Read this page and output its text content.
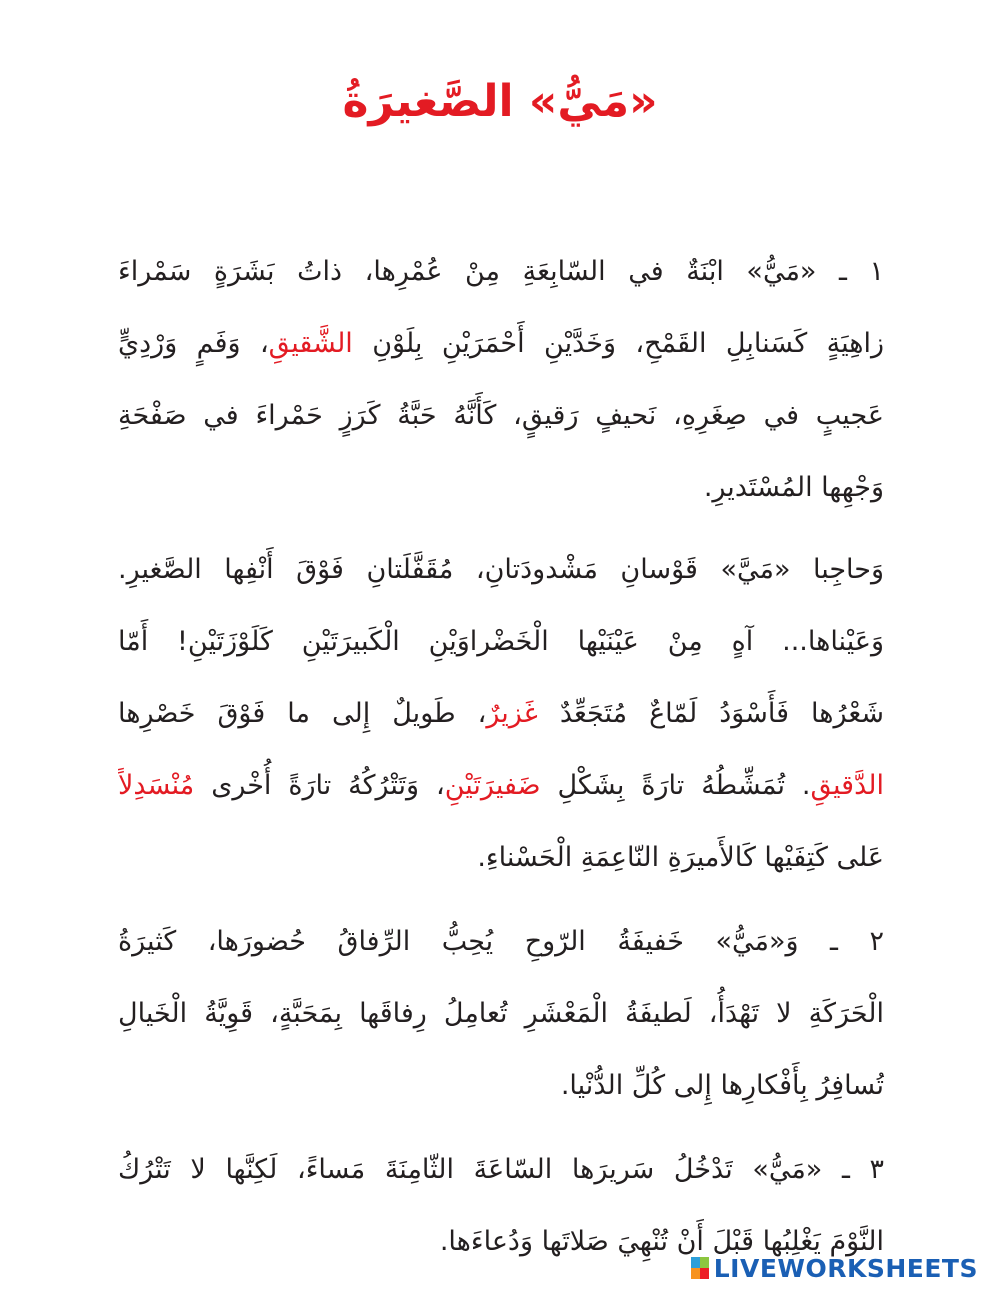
«مَيُّ» الصَّغيرَةُ
١ ـ «مَيُّ» ابْنَةٌ في السّابِعَةِ مِنْ عُمْرِها، ذاتُ بَشَرَةٍ سَمْراءَ
زاهِيَةٍ كَسَنابِلِ القَمْحِ، وَخَدَّيْنِ أَحْمَرَيْنِ بِلَوْنِ الشَّقيقِ، وَفَمٍ وَرْدِيٍّ
عَجيبٍ في صِغَرِهِ، نَحيفٍ رَقيقٍ، كَأَنَّهُ حَبَّةُ كَرَزٍ حَمْراءَ في صَفْحَةِ
وَجْهِها المُسْتَديرِ.
وَحاجِبا «مَيَّ» قَوْسانِ مَشْدودَتانِ، مُقَفَّلَتانِ فَوْقَ أَنْفِها الصَّغيرِ.
وَعَيْناها... آهٍ مِنْ عَيْنَيْها الْخَضْراوَيْنِ الْكَبيرَتَيْنِ كَلَوْزَتَيْنِ! أَمّا
شَعْرُها فَأَسْوَدُ لَمّاعٌ مُتَجَعِّدٌ غَزيرٌ، طَويلٌ إِلى ما فَوْقَ خَصْرِها
الدَّقيقِ. تُمَشِّطُهُ تارَةً بِشَكْلِ ضَفيرَتَيْنِ، وَتَتْرُكُهُ تارَةً أُخْرى مُنْسَدِلاً
عَلى كَتِفَيْها كَالأَميرَةِ النّاعِمَةِ الْحَسْناءِ.
٢ ـ وَ«مَيُّ» خَفيفَةُ الرّوحِ يُحِبُّ الرِّفاقُ حُضورَها، كَثيرَةُ
الْحَرَكَةِ لا تَهْدَأُ، لَطيفَةُ الْمَعْشَرِ تُعامِلُ رِفاقَها بِمَحَبَّةٍ، قَوِيَّةُ الْخَيالِ
تُسافِرُ بِأَفْكارِها إِلى كُلِّ الدُّنْيا.
٣ ـ «مَيُّ» تَدْخُلُ سَريرَها السّاعَةَ الثّامِنَةَ مَساءً، لَكِنَّها لا تَتْرُكُ
النَّوْمَ يَغْلِبُها قَبْلَ أَنْ تُنْهِيَ صَلاتَها وَدُعاءَها.
LIVEWORKSHEETS
